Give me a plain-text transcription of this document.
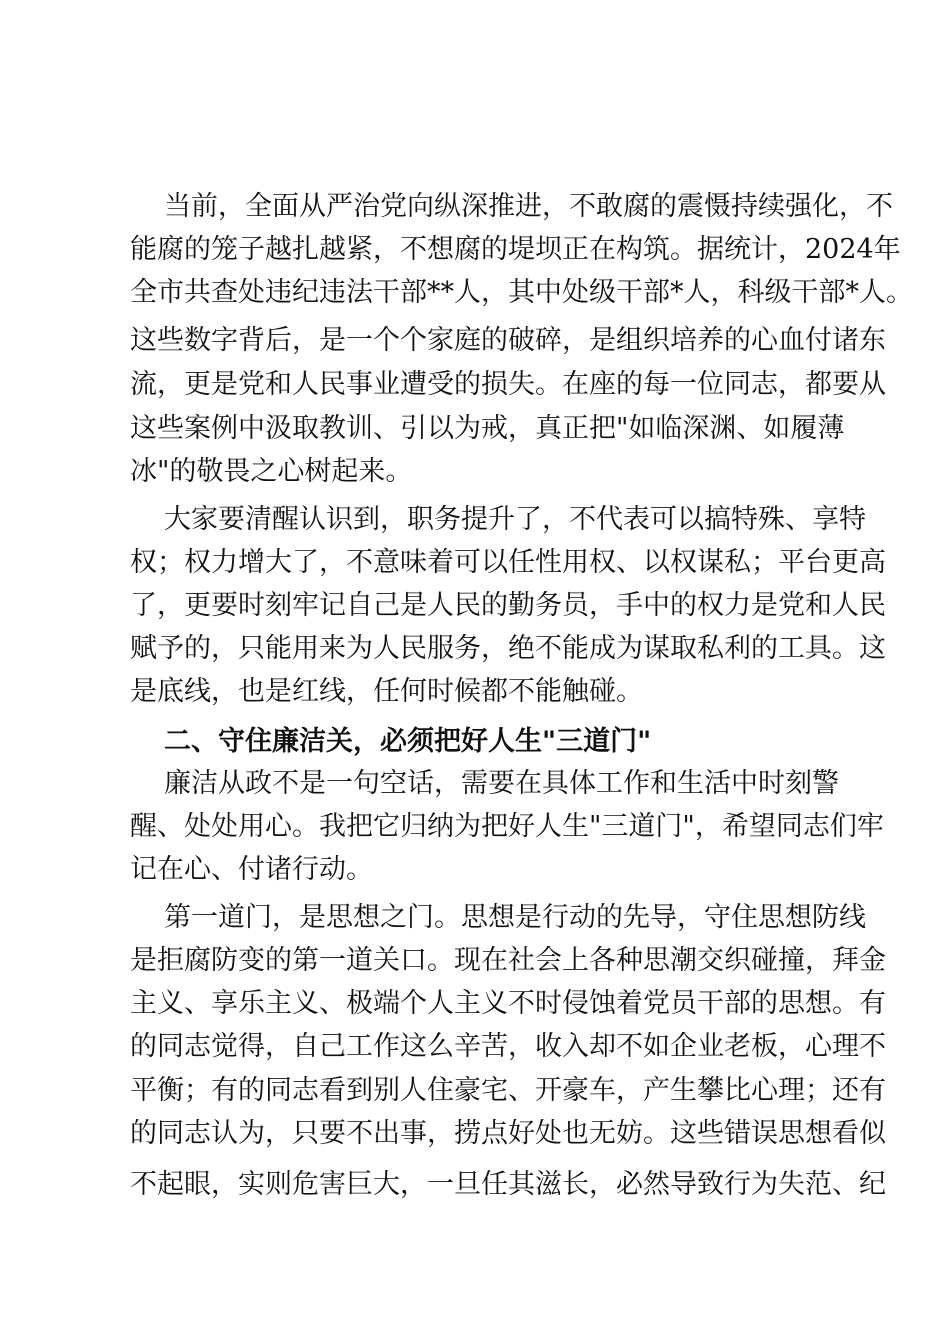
当前，全面从严治党向纵深推进，不敢腐的震慑持续强化，不
能腐的笼子越扎越紧，不想腐的堤坝正在构筑。据统计，2024年
全市共查处违纪违法干部**人，其中处级干部*人，科级干部*人。
这些数字背后，是一个个家庭的破碎，是组织培养的心血付诸东
流，更是党和人民事业遭受的损失。在座的每一位同志，都要从
这些案例中汲取教训、引以为戒，真正把"如临深渊、如履薄
冰"的敬畏之心树起来。
大家要清醒认识到，职务提升了，不代表可以搞特殊、享特
权；权力增大了，不意味着可以任性用权、以权谋私；平台更高
了，更要时刻牢记自己是人民的勤务员，手中的权力是党和人民
赋予的，只能用来为人民服务，绝不能成为谋取私利的工具。这
是底线，也是红线，任何时候都不能触碰。
二、守住廉洁关，必须把好人生"三道门"
廉洁从政不是一句空话，需要在具体工作和生活中时刻警
醒、处处用心。我把它归纳为把好人生"三道门"，希望同志们牢
记在心、付诸行动。
第一道门，是思想之门。思想是行动的先导，守住思想防线
是拒腐防变的第一道关口。现在社会上各种思潮交织碰撞，拜金
主义、享乐主义、极端个人主义不时侵蚀着党员干部的思想。有
的同志觉得，自己工作这么辛苦，收入却不如企业老板，心理不
平衡；有的同志看到别人住豪宅、开豪车，产生攀比心理；还有
的同志认为，只要不出事，捞点好处也无妨。这些错误思想看似
不起眼，实则危害巨大，一旦任其滋长，必然导致行为失范、纪
